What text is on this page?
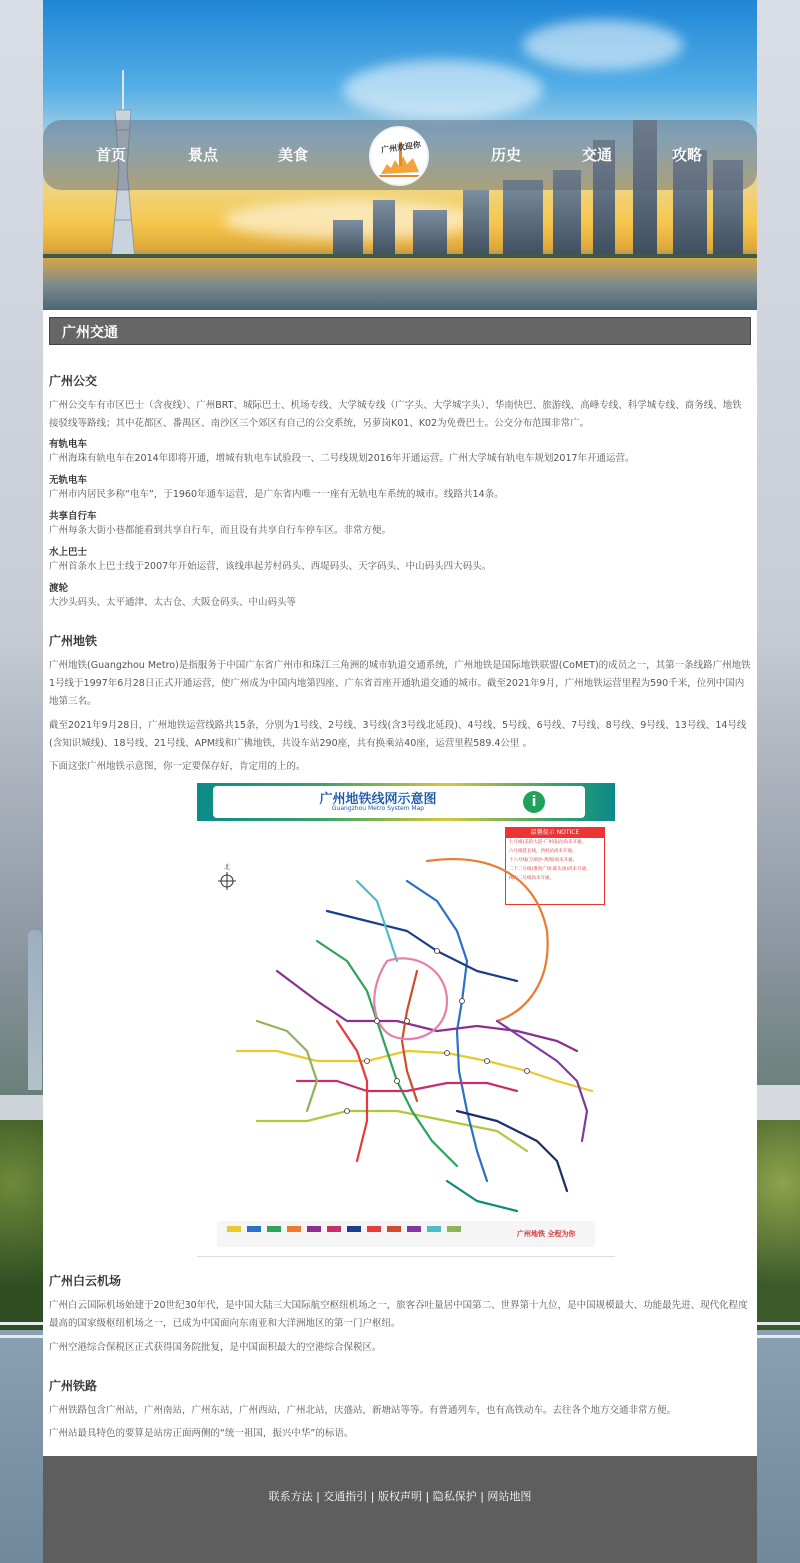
首页	景点	美食	广州欢迎你	历史	交通	攻略
广州交通
广州公交
广州公交车有市区巴士（含夜线）、广州BRT、城际巴士、机场专线、大学城专线（广字头、大学城字头）、华南快巴、旅游线、高峰专线、科学城专线、商务线、地铁接驳线等路线；其中花都区、番禺区、南沙区三个郊区有自己的公交系统，另萝岗K01、K02为免费巴士。公交分布范围非常广。
有轨电车
广州海珠有轨电车在2014年即将开通，增城有轨电车试验段一、二号线规划2016年开通运营。广州大学城有轨电车规划2017年开通运营。
无轨电车
广州市内居民多称“电车”，于1960年通车运营，是广东省内唯一一座有无轨电车系统的城市。线路共14条。
共享自行车
广州每条大街小巷都能看到共享自行车，而且设有共享自行车停车区。非常方便。
水上巴士
广州首条水上巴士线于2007年开始运营，该线串起芳村码头、西堤码头、天字码头、中山码头四大码头。
渡轮
大沙头码头、太平通津、太古仓、大阪仓码头、中山码头等
广州地铁
广州地铁(Guangzhou Metro)是指服务于中国广东省广州市和珠江三角洲的城市轨道交通系统，广州地铁是国际地铁联盟(CoMET)的成员之一，其第一条线路广州地铁1号线于1997年6月28日正式开通运营，使广州成为中国内地第四座、广东省首座开通轨道交通的城市。截至2021年9月，广州地铁运营里程为590千米，位列中国内地第三名。
截至2021年9月28日，广州地铁运营线路共15条，分别为1号线、2号线、3号线(含3号线北延段)、4号线、5号线、6号线、7号线、8号线、9号线、13号线、14号线(含知识城线)、18号线、21号线、APM线和广佛地铁，共设车站290座，共有换乘站40座，运营里程589.4公里 。
下面这张广州地铁示意图，你一定要保存好，肯定用的上的。
广州地铁线网示意图
Guangzhou Metro System Map	i
温馨提示 NOTICE
七号线(美的大道-广州南站)尚未开通。
六号线延长线，西村站尚未开通。
十六号线(万顷沙-黄阁)尚未开通。
二十二号线(番禺广场-陈头岗)尚未开通。
佛山二号线尚未开通。
北
广州地铁 全程为你
广州白云机场
广州白云国际机场始建于20世纪30年代，是中国大陆三大国际航空枢纽机场之一，旅客吞吐量居中国第二、世界第十九位，是中国规模最大、功能最先进、现代化程度最高的国家级枢纽机场之一，已成为中国面向东南亚和大洋洲地区的第一门户枢纽。
广州空港综合保税区正式获得国务院批复，是中国面积最大的空港综合保税区。
广州铁路
广州铁路包含广州站，广州南站，广州东站，广州西站，广州北站，庆盛站，新塘站等等。有普通列车，也有高铁动车。去往各个地方交通非常方便。
广州站最具特色的要算是站房正面两侧的“统一祖国，振兴中华”的标语。
联系方法 | 交通指引 | 版权声明 | 隐私保护 | 网站地图
